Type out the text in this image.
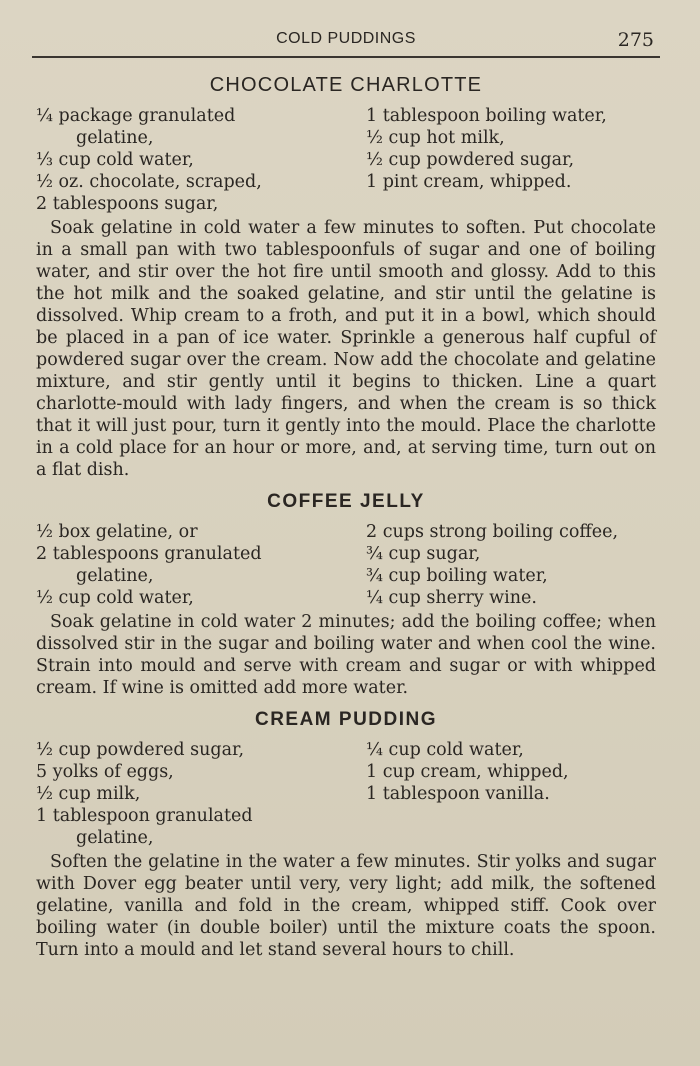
COLD PUDDINGS	275
CHOCOLATE CHARLOTTE
¼ package granulated
gelatine,
⅓ cup cold water,
½ oz. chocolate, scraped,
2 tablespoons sugar,
1 tablespoon boiling water,
½ cup hot milk,
½ cup powdered sugar,
1 pint cream, whipped.

Soak gelatine in cold water a few minutes to soften. Put chocolate in a small pan with two tablespoonfuls of sugar and one of boiling water, and stir over the hot fire until smooth and glossy. Add to this the hot milk and the soaked gelatine, and stir until the gelatine is dissolved. Whip cream to a froth, and put it in a bowl, which should be placed in a pan of ice water. Sprinkle a generous half cupful of powdered sugar over the cream. Now add the chocolate and gelatine mixture, and stir gently until it begins to thicken. Line a quart charlotte-mould with lady fingers, and when the cream is so thick that it will just pour, turn it gently into the mould. Place the charlotte in a cold place for an hour or more, and, at serving time, turn out on a flat dish.

COFFEE JELLY
½ box gelatine, or
2 tablespoons granulated
gelatine,
½ cup cold water,
2 cups strong boiling coffee,
¾ cup sugar,
¾ cup boiling water,
¼ cup sherry wine.

Soak gelatine in cold water 2 minutes; add the boiling coffee; when dissolved stir in the sugar and boiling water and when cool the wine. Strain into mould and serve with cream and sugar or with whipped cream. If wine is omitted add more water.

CREAM PUDDING
½ cup powdered sugar,
5 yolks of eggs,
½ cup milk,
1 tablespoon granulated
gelatine,
¼ cup cold water,
1 cup cream, whipped,
1 tablespoon vanilla.

Soften the gelatine in the water a few minutes. Stir yolks and sugar with Dover egg beater until very, very light; add milk, the softened gelatine, vanilla and fold in the cream, whipped stiff. Cook over boiling water (in double boiler) until the mixture coats the spoon. Turn into a mould and let stand several hours to chill.
